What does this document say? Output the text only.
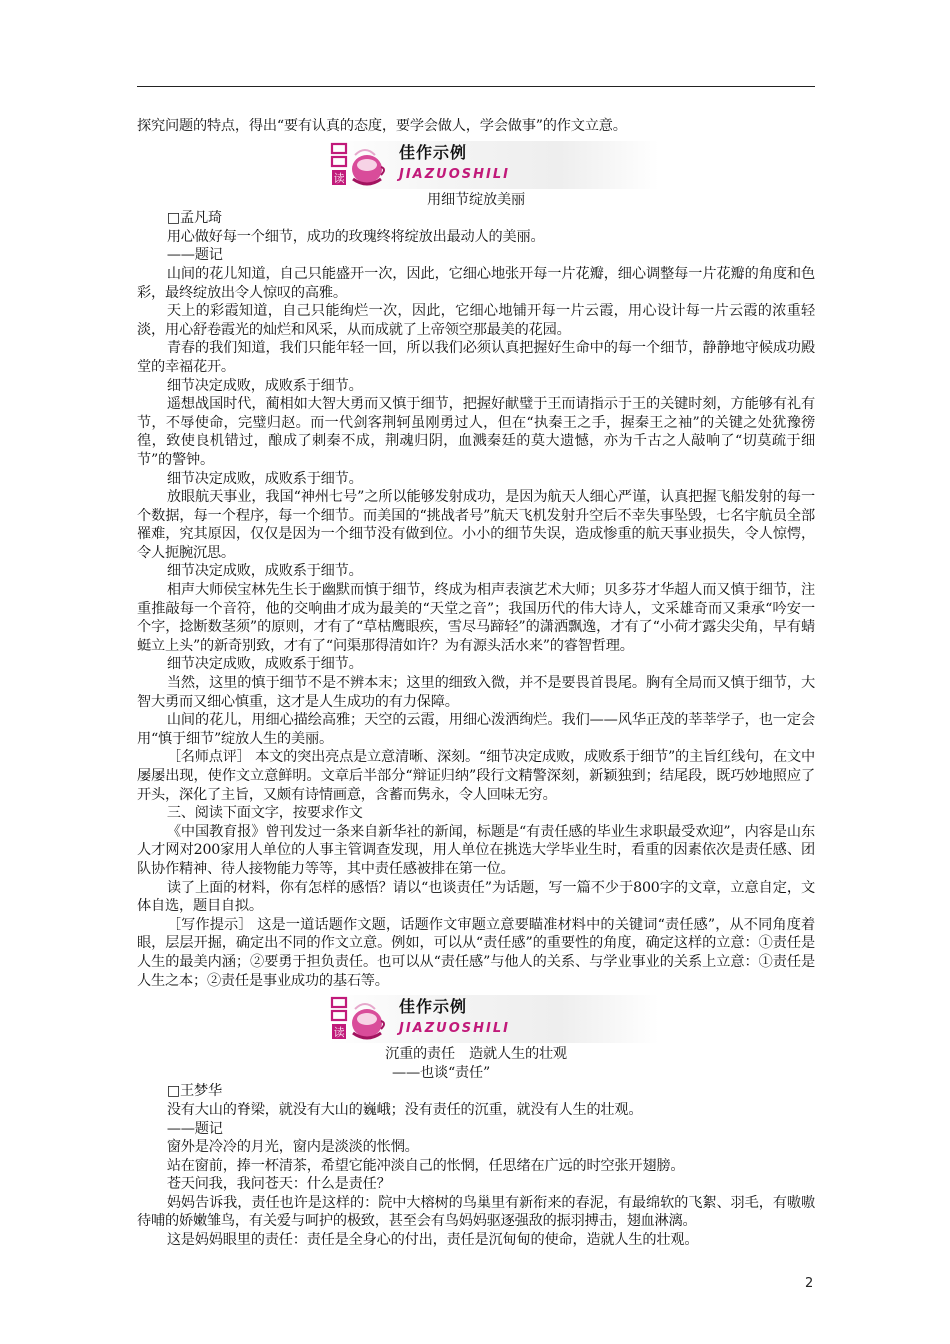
探究问题的特点，得出“要有认真的态度，要学会做人，学会做事”的作文立意。

读
佳作示例
JIAZUOSHILI

用细节绽放美丽

□孟凡琦

用心做好每一个细节，成功的玫瑰终将绽放出最动人的美丽。

——题记

山间的花儿知道，自己只能盛开一次，因此，它细心地张开每一片花瓣，细心调整每一片花瓣的角度和色彩，最终绽放出令人惊叹的高雅。

天上的彩霞知道，自己只能绚烂一次，因此，它细心地铺开每一片云霞，用心设计每一片云霞的浓重轻淡，用心舒卷霞光的灿烂和风采，从而成就了上帝领空那最美的花园。

青春的我们知道，我们只能年轻一回，所以我们必须认真把握好生命中的每一个细节，静静地守候成功殿堂的幸福花开。

细节决定成败，成败系于细节。

遥想战国时代，蔺相如大智大勇而又慎于细节，把握好献璧于王而请指示于王的关键时刻，方能够有礼有节，不辱使命，完璧归赵。而一代剑客荆轲虽刚勇过人，但在“执秦王之手，握秦王之袖”的关键之处犹豫徬徨，致使良机错过，酿成了刺秦不成，荆魂归阴，血溅秦廷的莫大遗憾，亦为千古之人敲响了“切莫疏于细节”的警钟。

细节决定成败，成败系于细节。

放眼航天事业，我国“神州七号”之所以能够发射成功，是因为航天人细心严谨，认真把握飞船发射的每一个数据，每一个程序，每一个细节。而美国的“挑战者号”航天飞机发射升空后不幸失事坠毁，七名宇航员全部罹难，究其原因，仅仅是因为一个细节没有做到位。小小的细节失误，造成惨重的航天事业损失，令人惊愕，令人扼腕沉思。

细节决定成败，成败系于细节。

相声大师侯宝林先生长于幽默而慎于细节，终成为相声表演艺术大师；贝多芬才华超人而又慎于细节，注重推敲每一个音符，他的交响曲才成为最美的“天堂之音”；我国历代的伟大诗人，文采雄奇而又秉承“吟安一个字，捻断数茎须”的原则，才有了“草枯鹰眼疾，雪尽马蹄轻”的潇洒飘逸，才有了“小荷才露尖尖角，早有蜻蜓立上头”的新奇别致，才有了“问渠那得清如许？为有源头活水来”的睿智哲理。

细节决定成败，成败系于细节。

当然，这里的慎于细节不是不辨本末；这里的细致入微，并不是要畏首畏尾。胸有全局而又慎于细节，大智大勇而又细心慎重，这才是人生成功的有力保障。

山间的花儿，用细心描绘高雅；天空的云霞，用细心泼洒绚烂。我们——风华正茂的莘莘学子，也一定会用“慎于细节”绽放人生的美丽。

［名师点评］ 本文的突出亮点是立意清晰、深刻。“细节决定成败，成败系于细节”的主旨红线句，在文中屡屡出现，使作文立意鲜明。文章后半部分“辩证归纳”段行文精警深刻，新颖独到；结尾段，既巧妙地照应了开头，深化了主旨，又颇有诗情画意，含蓄而隽永，令人回味无穷。

三、阅读下面文字，按要求作文

《中国教育报》曾刊发过一条来自新华社的新闻，标题是“有责任感的毕业生求职最受欢迎”，内容是山东人才网对200家用人单位的人事主管调查发现，用人单位在挑选大学毕业生时，看重的因素依次是责任感、团队协作精神、待人接物能力等等，其中责任感被排在第一位。

读了上面的材料，你有怎样的感悟？请以“也谈责任”为话题，写一篇不少于800字的文章，立意自定，文体自选，题目自拟。

［写作提示］ 这是一道话题作文题，话题作文审题立意要瞄准材料中的关键词“责任感”，从不同角度着眼，层层开掘，确定出不同的作文立意。例如，可以从“责任感”的重要性的角度，确定这样的立意：①责任是人生的最美内涵；②要勇于担负责任。也可以从“责任感”与他人的关系、与学业事业的关系上立意：①责任是人生之本；②责任是事业成功的基石等。

读
佳作示例
JIAZUOSHILI

沉重的责任　造就人生的壮观

——也谈“责任”

□王梦华

没有大山的脊梁，就没有大山的巍峨；没有责任的沉重，就没有人生的壮观。

——题记

窗外是冷冷的月光，窗内是淡淡的怅惘。

站在窗前，捧一杯清茶，希望它能冲淡自己的怅惘，任思绪在广远的时空张开翅膀。

苍天问我，我问苍天：什么是责任？

妈妈告诉我，责任也许是这样的：院中大榕树的鸟巢里有新衔来的春泥，有最绵软的飞絮、羽毛，有嗷嗷待哺的娇嫩雏鸟，有关爱与呵护的极致，甚至会有鸟妈妈驱逐强敌的振羽搏击，翅血淋漓。

这是妈妈眼里的责任：责任是全身心的付出，责任是沉甸甸的使命，造就人生的壮观。

2
